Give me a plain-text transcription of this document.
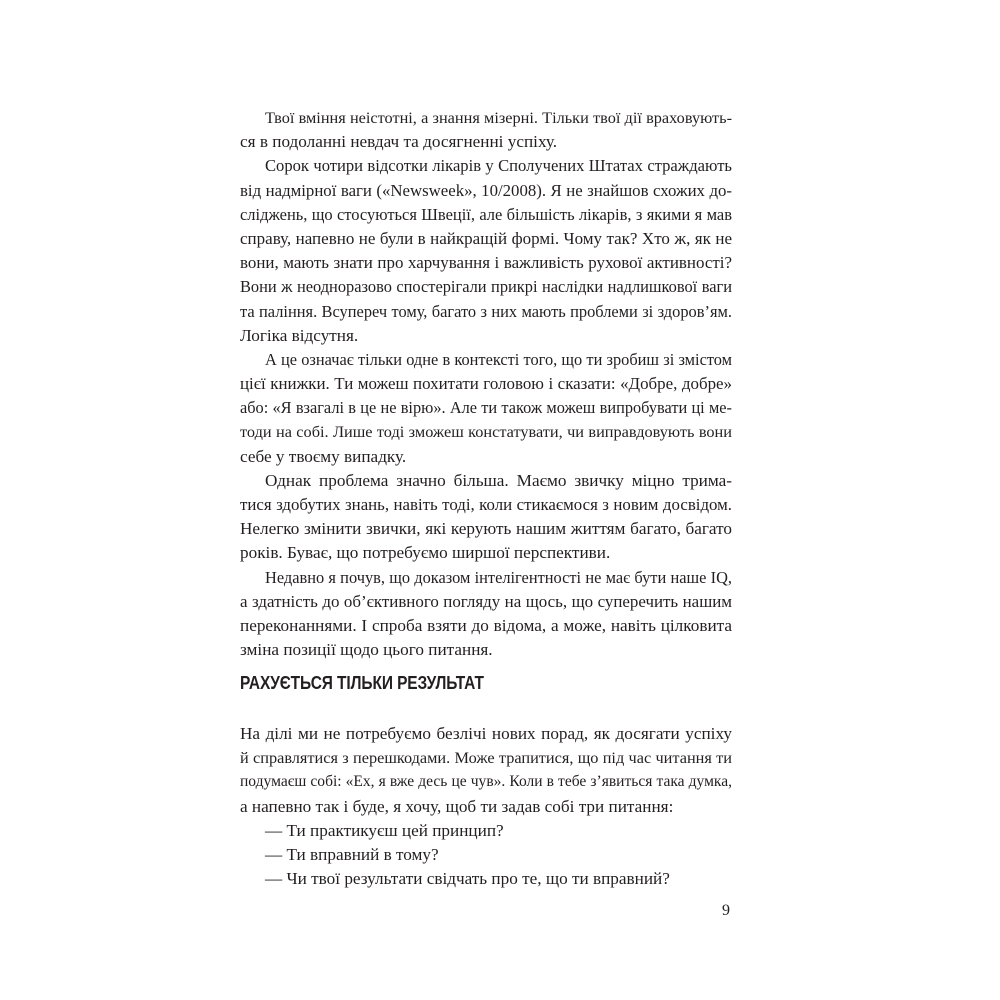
Твої вміння неістотні, а знання мізерні. Тільки твої дії враховують-
ся в подоланні невдач та досягненні успіху.
Сорок чотири відсотки лікарів у Сполучених Штатах страждають
від надмірної ваги («Newsweek», 10/2008). Я не знайшов схожих до-
сліджень, що стосуються Швеції, але більшість лікарів, з якими я мав
справу, напевно не були в найкращій формі. Чому так? Хто ж, як не
вони, мають знати про харчування і важливість рухової активності?
Вони ж неодноразово спостерігали прикрі наслідки надлишкової ваги
та паління. Всупереч тому, багато з них мають проблеми зі здоров’ям.
Логіка відсутня.
А це означає тільки одне в контексті того, що ти зробиш зі змістом
цієї книжки. Ти можеш похитати головою і сказати: «Добре, добре»
або: «Я взагалі в це не вірю». Але ти також можеш випробувати ці ме-
тоди на собі. Лише тоді зможеш констатувати, чи виправдовують вони
себе у твоєму випадку.
Однак проблема значно більша. Маємо звичку міцно трима-
тися здобутих знань, навіть тоді, коли стикаємося з новим досвідом.
Нелегко змінити звички, які керують нашим життям багато, багато
років. Буває, що потребуємо ширшої перспективи.
Недавно я почув, що доказом інтелігентності не має бути наше IQ,
а здатність до об’єктивного погляду на щось, що суперечить нашим
переконаннями. І спроба взяти до відома, а може, навіть цілковита
зміна позиції щодо цього питання.
РАХУЄТЬСЯ ТІЛЬКИ РЕЗУЛЬТАТ
На ділі ми не потребуємо безлічі нових порад, як досягати успіху
й справлятися з перешкодами. Може трапитися, що під час читання ти
подумаєш собі: «Ех, я вже десь це чув». Коли в тебе з’явиться така думка,
а напевно так і буде, я хочу, щоб ти задав собі три питання:
— Ти практикуєш цей принцип?
— Ти вправний в тому?
— Чи твої результати свідчать про те, що ти вправний?
9
